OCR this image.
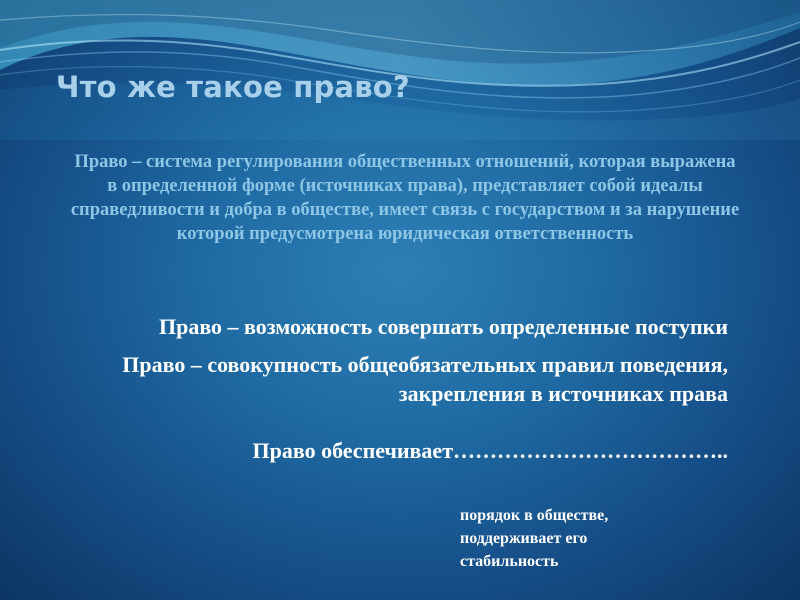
Что же такое право?

Право – система регулирования общественных отношений, которая выражена в определенной форме (источниках права), представляет собой идеалы справедливости и добра в обществе, имеет связь с государством и за нарушение которой предусмотрена юридическая ответственность

Право – возможность совершать определенные поступки
Право – совокупность общеобязательных правил поведения, закрепления в источниках права
Право обеспечивает………………………………..

порядок в обществе,
поддерживает его
стабильность
